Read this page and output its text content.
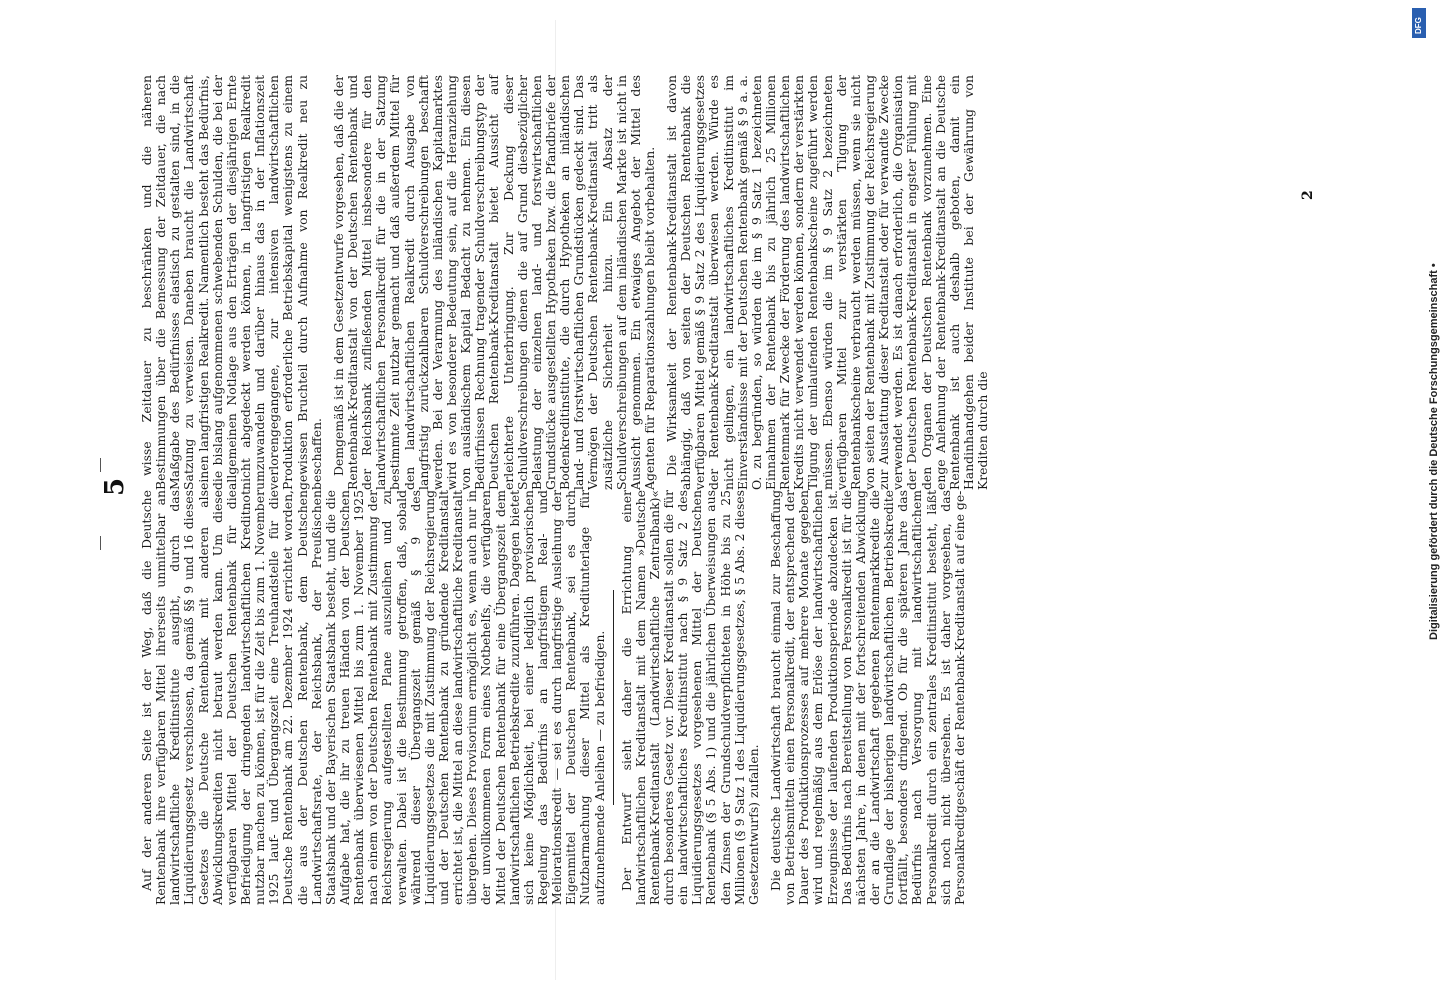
5

Auf der anderen Seite ist der Weg, daß die Deutsche Rentenbank ihre verfügbaren Mittel ihrerseits unmittelbar an landwirtschaftliche Kreditinstitute ausgibt, durch das Liquidierungsgesetz verschlossen, da gemäß §§ 9 und 16 dieses Gesetzes die Deutsche Rentenbank mit anderen als Abwicklungskrediten nicht betraut werden kann. Um diese verfügbaren Mittel der Deutschen Rentenbank für die Befriedigung der dringenden landwirtschaftlichen Kreditnot nutzbar machen zu können, ist für die Zeit bis zum 1. November 1925 lauf- und Übergangszeit eine Treuhandstelle für die Deutsche Rentenbank am 22. Dezember 1924 errichtet worden, die aus der Deutschen Rentenbank, dem Deutschen Landwirtschaftsrate, der Reichsbank, der Preußischen Staatsbank und der Bayerischen Staatsbank besteht, und die die Aufgabe hat, die ihr zu treuen Händen von der Deutschen Rentenbank überwiesenen Mittel bis zum 1. November 1925 nach einem von der Deutschen Rentenbank mit Zustimmung der Reichsregierung aufgestellten Plane auszuleihen und zu verwalten. Dabei ist die Bestimmung getroffen, daß, sobald während dieser Übergangszeit gemäß § 9 des Liquidierungsgesetzes die mit Zustimmung der Reichsregierung und der Deutschen Rentenbank zu gründende Kreditanstalt errichtet ist, die Mittel an diese landwirtschaftliche Kreditanstalt übergehen. Dieses Provisorium ermöglicht es, wenn auch nur in der unvollkommenen Form eines Notbehelfs, die verfügbaren Mittel der Deutschen Rentenbank für eine Übergangszeit dem landwirtschaftlichen Betriebskredite zuzuführen. Dagegen bietet sich keine Möglichkeit, bei einer lediglich provisorischen Regelung das Bedürfnis an langfristigem Real- und Meliorationskredit — sei es durch langfristige Ausleihung der Eigenmittel der Deutschen Rentenbank, sei es durch Nutzbarmachung dieser Mittel als Kreditunterlage für aufzunehmende Anleihen — zu befriedigen. Der Entwurf sieht daher die Errichtung einer landwirtschaftlichen Kreditanstalt mit dem Namen »Deutsche Rentenbank-Kreditanstalt (Landwirtschaftliche Zentralbank)« durch besonderes Gesetz vor. Dieser Kreditanstalt sollen die für ein landwirtschaftliches Kreditinstitut nach § 9 Satz 2 des Liquidierungsgesetzes vorgesehenen Mittel der Deutschen Rentenbank (§ 5 Abs. 1) und die jährlichen Überweisungen aus den Zinsen der Grundschuldverpflichteten in Höhe bis zu 25 Millionen (§ 9 Satz 1 des Liquidierungsgesetzes, § 5 Abs. 2 dieses Gesetzentwurfs) zufallen. Die deutsche Landwirtschaft braucht einmal zur Beschaffung von Betriebsmitteln einen Personalkredit, der entsprechend der Dauer des Produktionsprozesses auf mehrere Monate gegeben wird und regelmäßig aus dem Erlöse der landwirtschaftlichen Erzeugnisse der laufenden Produktionsperiode abzudecken ist. Das Bedürfnis nach Bereitstellung von Personalkredit ist für die nächsten Jahre, in denen mit der fortschreitenden Abwicklung der an die Landwirtschaft gegebenen Rentenmarkkredite die Grundlage der bisherigen landwirtschaftlichen Betriebskredite fortfällt, besonders dringend. Ob für die späteren Jahre das Bedürfnis nach Versorgung mit landwirtschaftlichem Personalkredit durch ein zentrales Kreditinstitut besteht, läßt sich noch nicht übersehen. Es ist daher vorgesehen, das Personalkreditgeschäft der Rentenbank-Kreditanstalt auf eine ge-

wisse Zeitdauer zu beschränken und die näheren Bestimmungen über die Bemessung der Zeitdauer, die nach Maßgabe des Bedürfnisses elastisch zu gestalten sind, in die Satzung zu verweisen. Daneben braucht die Landwirtschaft einen langfristigen Realkredit. Namentlich besteht das Bedürfnis, die bislang aufgenommenen schwebenden Schulden, die bei der allgemeinen Notlage aus den Erträgen der diesjährigen Ernte nicht abgedeckt werden können, in langfristigen Realkredit umzuwandeln und darüber hinaus das in der Inflationszeit verlorengegangene, zur intensiven landwirtschaftlichen Produktion erforderliche Betriebskapital wenigstens zu einem gewissen Bruchteil durch Aufnahme von Realkredit neu zu beschaffen. Demgemäß ist in dem Gesetzentwurfe vorgesehen, daß die der Rentenbank-Kreditanstalt von der Deutschen Rentenbank und der Reichsbank zufließenden Mittel insbesondere für den landwirtschaftlichen Personalkredit für die in der Satzung bestimmte Zeit nutzbar gemacht und daß außerdem Mittel für den landwirtschaftlichen Realkredit durch Ausgabe von langfristig zurückzahlbaren Schuldverschreibungen beschafft werden. Bei der Verarmung des inländischen Kapitalmarktes wird es von besonderer Bedeutung sein, auf die Heranziehung von ausländischem Kapital Bedacht zu nehmen. Ein diesen Bedürfnissen Rechnung tragender Schuldverschreibungstyp der Deutschen Rentenbank-Kreditanstalt bietet Aussicht auf erleichterte Unterbringung. Zur Deckung dieser Schuldverschreibungen dienen die auf Grund diesbezüglicher Belastung der einzelnen land- und forstwirtschaftlichen Grundstücke ausgestellten Hypotheken bzw. die Pfandbriefe der Bodenkreditinstitute, die durch Hypotheken an inländischen land- und forstwirtschaftlichen Grundstücken gedeckt sind. Das Vermögen der Deutschen Rentenbank-Kreditanstalt tritt als zusätzliche Sicherheit hinzu. Ein Absatz der Schuldverschreibungen auf dem inländischen Markte ist nicht in Aussicht genommen. Ein etwaiges Angebot der Mittel des Agenten für Reparationszahlungen bleibt vorbehalten. Die Wirksamkeit der Rentenbank-Kreditanstalt ist davon abhängig, daß von seiten der Deutschen Rentenbank die verfügbaren Mittel gemäß § 9 Satz 2 des Liquidierungsgesetzes der Rentenbank-Kreditanstalt überwiesen werden. Würde es nicht gelingen, ein landwirtschaftliches Kreditinstitut im Einverständnisse mit der Deutschen Rentenbank gemäß § 9 a. a. O. zu begründen, so würden die im § 9 Satz 1 bezeichneten Einnahmen der Rentenbank bis zu jährlich 25 Millionen Rentenmark für Zwecke der Förderung des landwirtschaftlichen Kredits nicht verwendet werden können, sondern der verstärkten Tilgung der umlaufenden Rentenbankscheine zugeführt werden müssen. Ebenso würden die im § 9 Satz 2 bezeichneten verfügbaren Mittel zur verstärkten Tilgung der Rentenbankscheine verbraucht werden müssen, wenn sie nicht von seiten der Rentenbank mit Zustimmung der Reichsregierung zur Ausstattung dieser Kreditanstalt oder für verwandte Zwecke verwendet werden. Es ist danach erforderlich, die Organisation der Deutschen Rentenbank-Kreditanstalt in engster Fühlung mit den Organen der Deutschen Rentenbank vorzunehmen. Eine enge Anlehnung der Rentenbank-Kreditanstalt an die Deutsche Rentenbank ist auch deshalb geboten, damit ein Handinhandgehen beider Institute bei der Gewährung von Krediten durch die

2
DFG
Digitalisierung gefördert durch die Deutsche Forschungsgemeinschaft •
